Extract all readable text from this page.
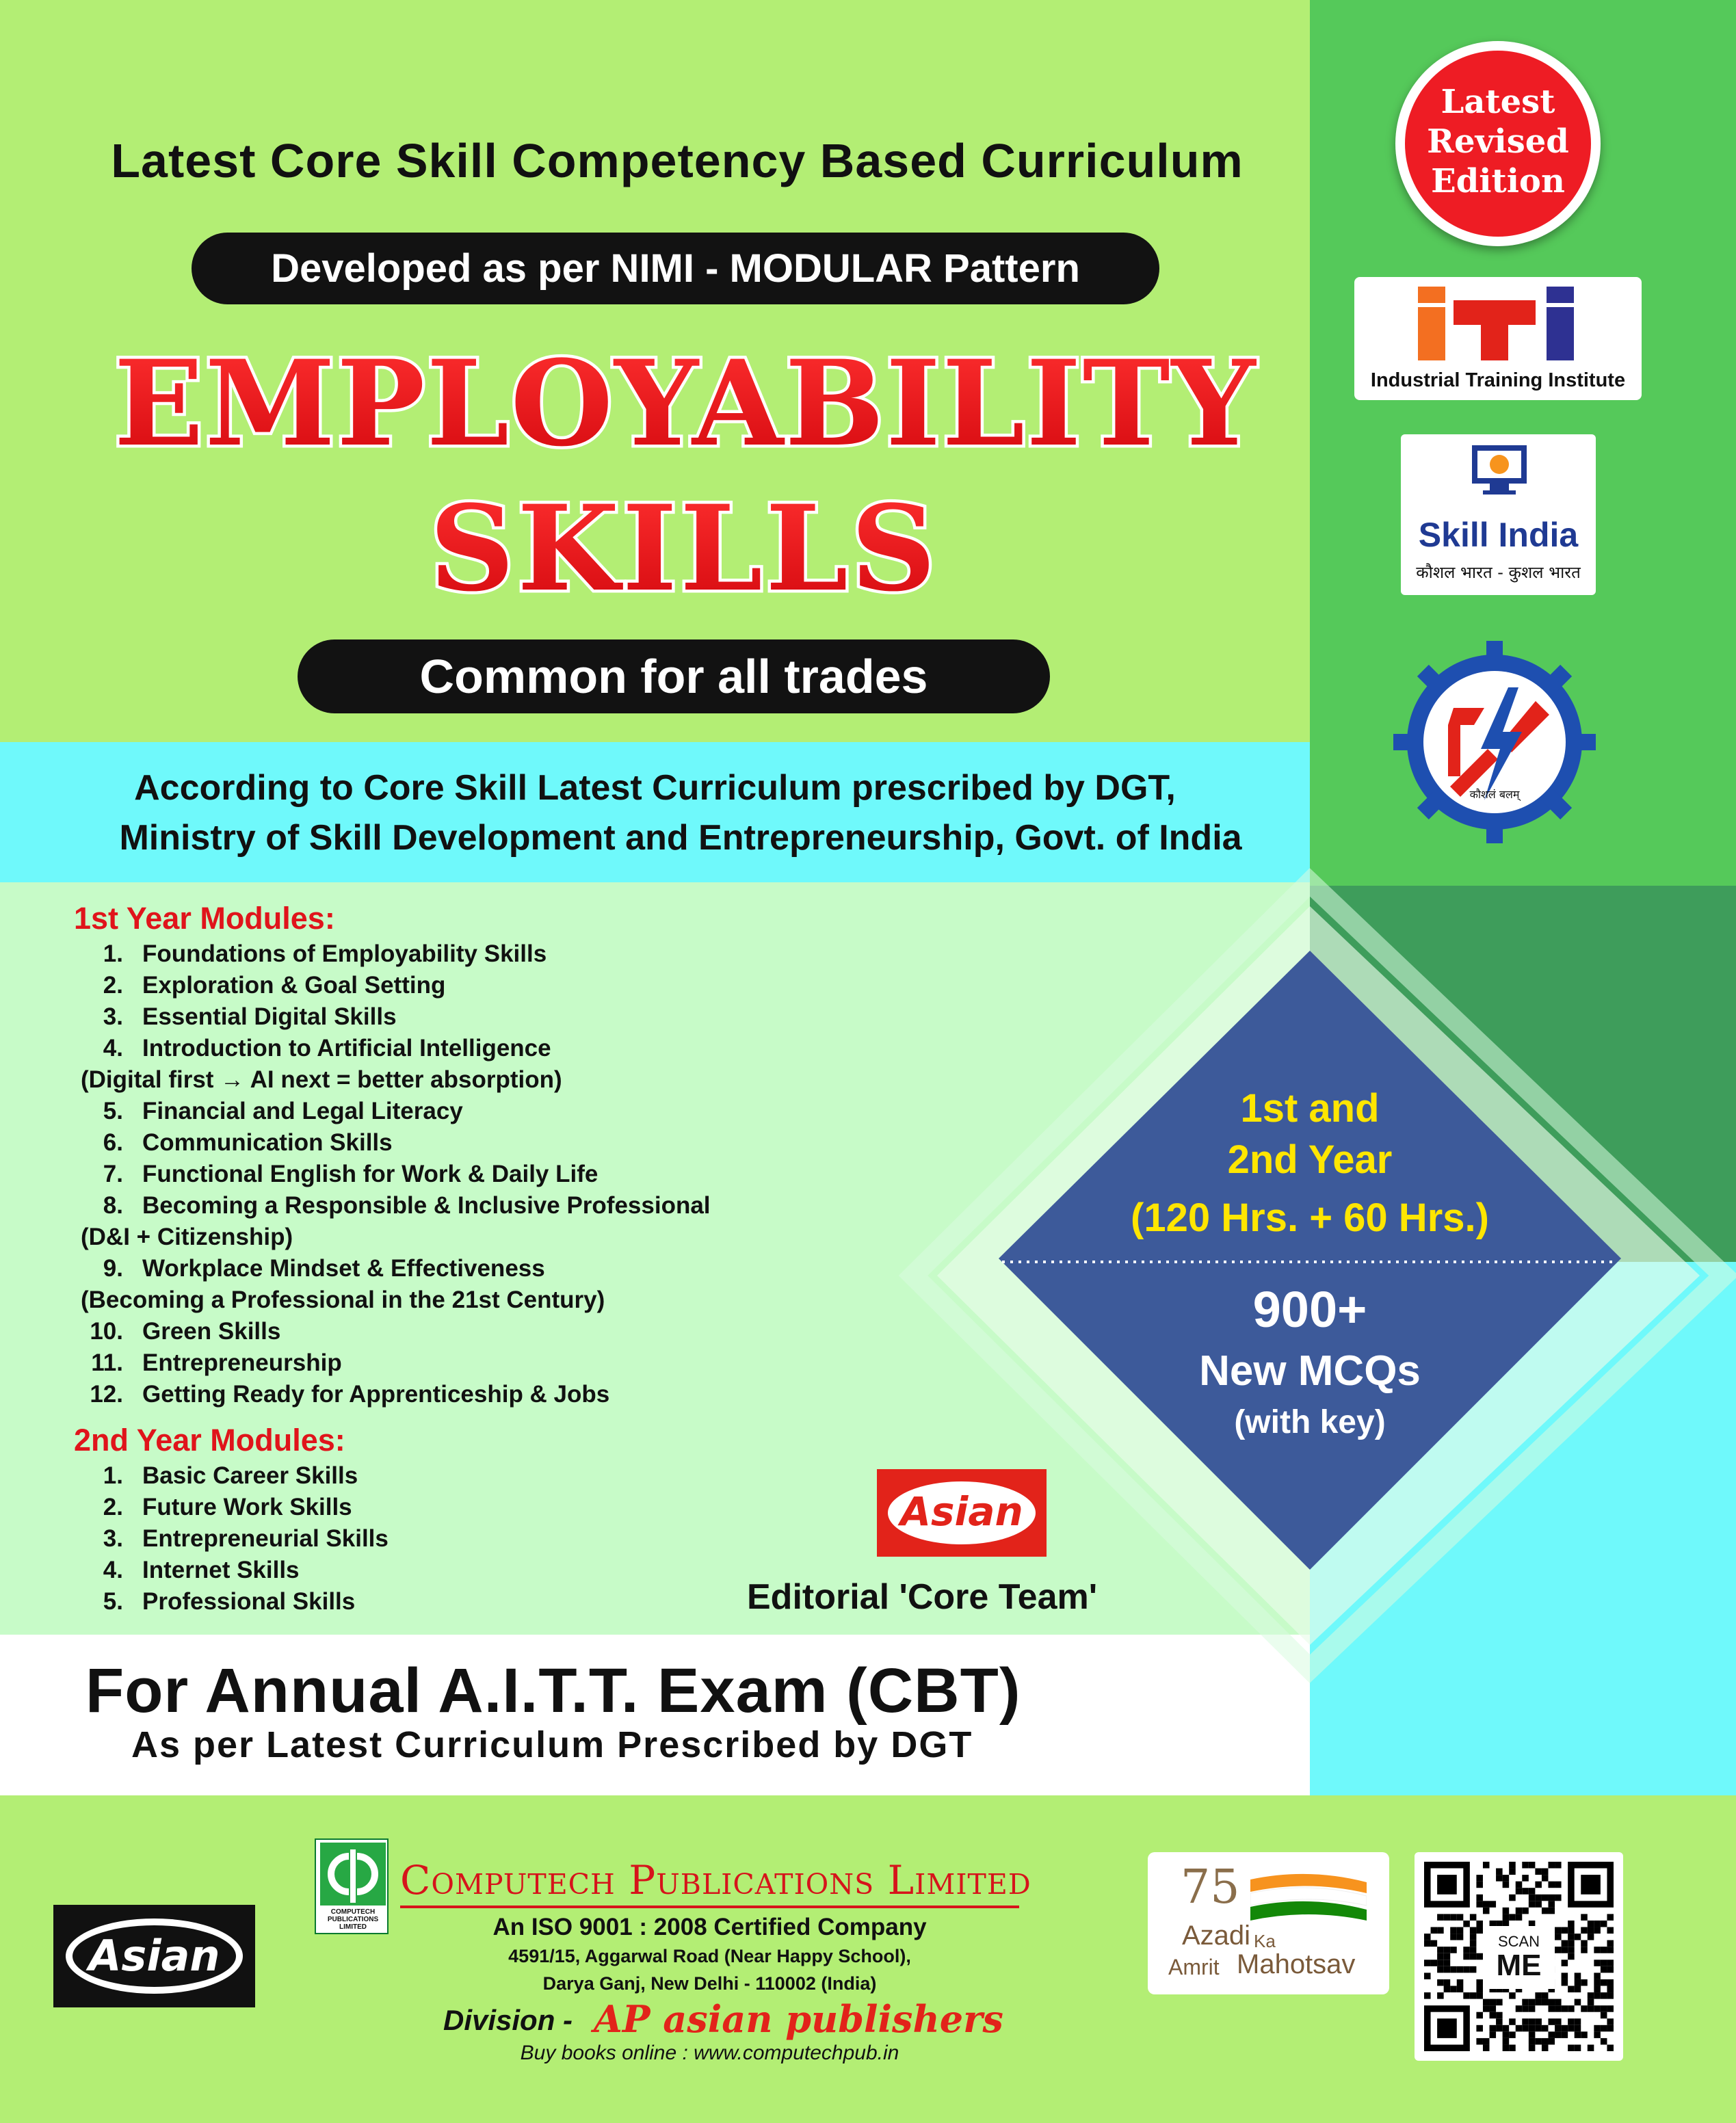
Latest Core Skill Competency Based Curriculum
Developed as per NIMI - MODULAR Pattern
EMPLOYABILITY
SKILLS
Common for all trades
Latest
Revised
Edition
Industrial Training Institute
Skill India
कौशल भारत - कुशल भारत
कौशलं बलम्
According to Core Skill Latest Curriculum prescribed by DGT,
Ministry of Skill Development and Entrepreneurship, Govt. of India
1st and
2nd Year
(120 Hrs. + 60 Hrs.)
900+
New MCQs
(with key)
1st Year Modules:
1. Foundations of Employability Skills
2. Exploration & Goal Setting
3. Essential Digital Skills
4. Introduction to Artificial Intelligence
(Digital first → AI next = better absorption)
5. Financial and Legal Literacy
6. Communication Skills
7. Functional English for Work & Daily Life
8. Becoming a Responsible & Inclusive Professional
(D&I + Citizenship)
9. Workplace Mindset & Effectiveness
(Becoming a Professional in the 21st Century)
10. Green Skills
11. Entrepreneurship
12. Getting Ready for Apprenticeship & Jobs
2nd Year Modules:
1. Basic Career Skills
2. Future Work Skills
3. Entrepreneurial Skills
4. Internet Skills
5. Professional Skills
Asian
Editorial 'Core Team'
For Annual A.I.T.T. Exam (CBT)
As per Latest Curriculum Prescribed by DGT
Asian
COMPUTECH PUBLICATIONS LIMITED
Computech Publications Limited
An ISO 9001 : 2008 Certified Company
4591/15, Aggarwal Road (Near Happy School),
Darya Ganj, New Delhi - 110002 (India)
Division - AP asian publishers
Buy books online : www.computechpub.in
75
Azadi Ka
Amrit Mahotsav
SCAN
ME
